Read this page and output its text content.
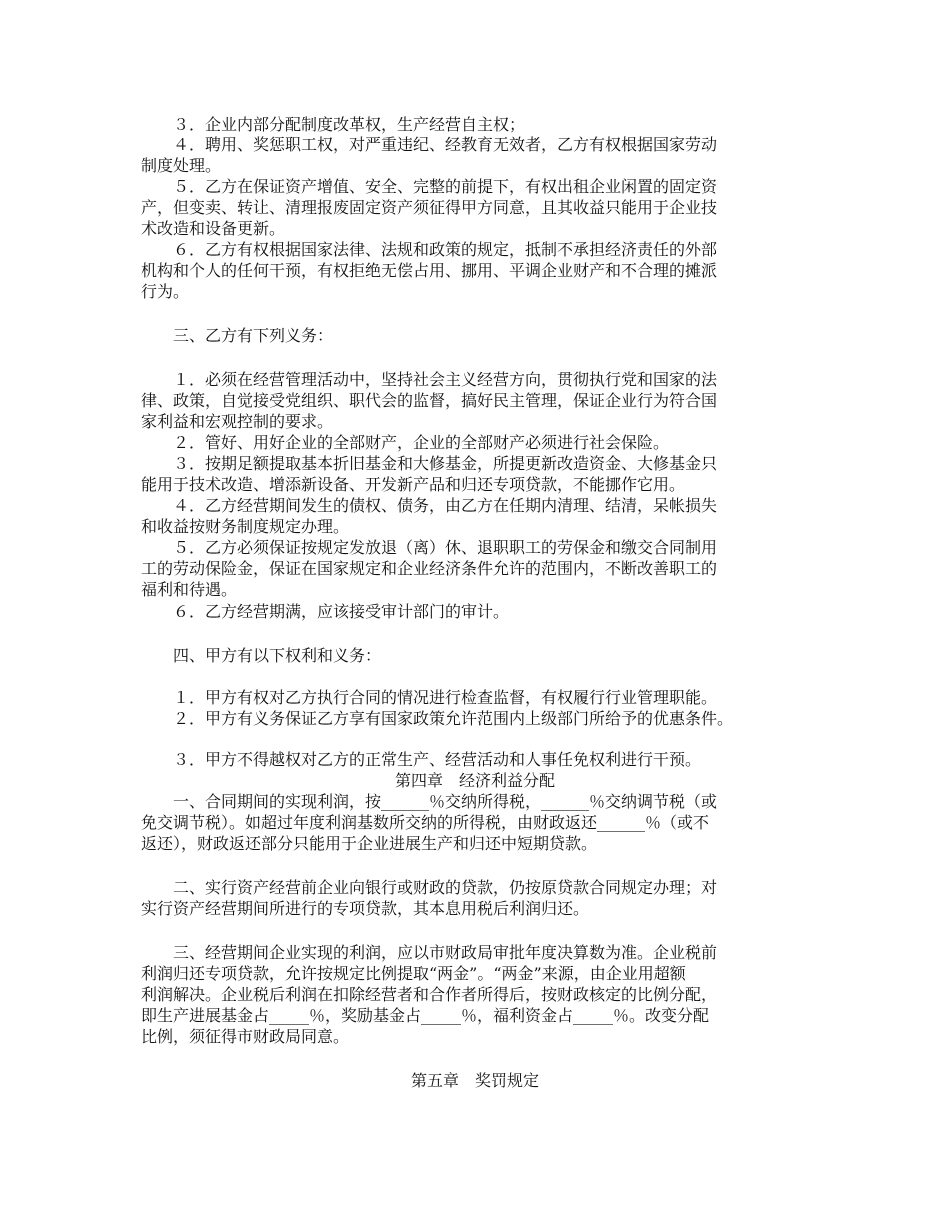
　　３．企业内部分配制度改革权，生产经营自主权；
　　４．聘用、奖惩职工权，对严重违纪、经教育无效者，乙方有权根据国家劳动
制度处理。
　　５．乙方在保证资产增值、安全、完整的前提下，有权出租企业闲置的固定资
产，但变卖、转让、清理报废固定资产须征得甲方同意，且其收益只能用于企业技
术改造和设备更新。
　　６．乙方有权根据国家法律、法规和政策的规定，抵制不承担经济责任的外部
机构和个人的任何干预，有权拒绝无偿占用、挪用、平调企业财产和不合理的摊派
行为。
　　三、乙方有下列义务：
　　１．必须在经营管理活动中，坚持社会主义经营方向，贯彻执行党和国家的法
律、政策，自觉接受党组织、职代会的监督，搞好民主管理，保证企业行为符合国
家利益和宏观控制的要求。
　　２．管好、用好企业的全部财产，企业的全部财产必须进行社会保险。
　　３．按期足额提取基本折旧基金和大修基金，所提更新改造资金、大修基金只
能用于技术改造、增添新设备、开发新产品和归还专项贷款，不能挪作它用。
　　４．乙方经营期间发生的债权、债务，由乙方在任期内清理、结清，呆帐损失
和收益按财务制度规定办理。
　　５．乙方必须保证按规定发放退（离）休、退职职工的劳保金和缴交合同制用
工的劳动保险金，保证在国家规定和企业经济条件允许的范围内，不断改善职工的
福利和待遇。
　　６．乙方经营期满，应该接受审计部门的审计。
　　四、甲方有以下权利和义务：
　　１．甲方有权对乙方执行合同的情况进行检查监督，有权履行行业管理职能。
　　２．甲方有义务保证乙方享有国家政策允许范围内上级部门所给予的优惠条件。
　　３．甲方不得越权对乙方的正常生产、经营活动和人事任免权利进行干预。
第四章　经济利益分配
　　一、合同期间的实现利润，按______％交纳所得税，______％交纳调节税（或
免交调节税）。如超过年度利润基数所交纳的所得税，由财政返还______％（或不
返还），财政返还部分只能用于企业进展生产和归还中短期贷款。
　　二、实行资产经营前企业向银行或财政的贷款，仍按原贷款合同规定办理；对
实行资产经营期间所进行的专项贷款，其本息用税后利润归还。
　　三、经营期间企业实现的利润，应以市财政局审批年度决算数为准。企业税前
利润归还专项贷款，允许按规定比例提取“两金”。“两金”来源，由企业用超额
利润解决。企业税后利润在扣除经营者和合作者所得后，按财政核定的比例分配，
即生产进展基金占_____％，奖励基金占_____％，福利资金占_____％。改变分配
比例，须征得市财政局同意。
第五章　奖罚规定
